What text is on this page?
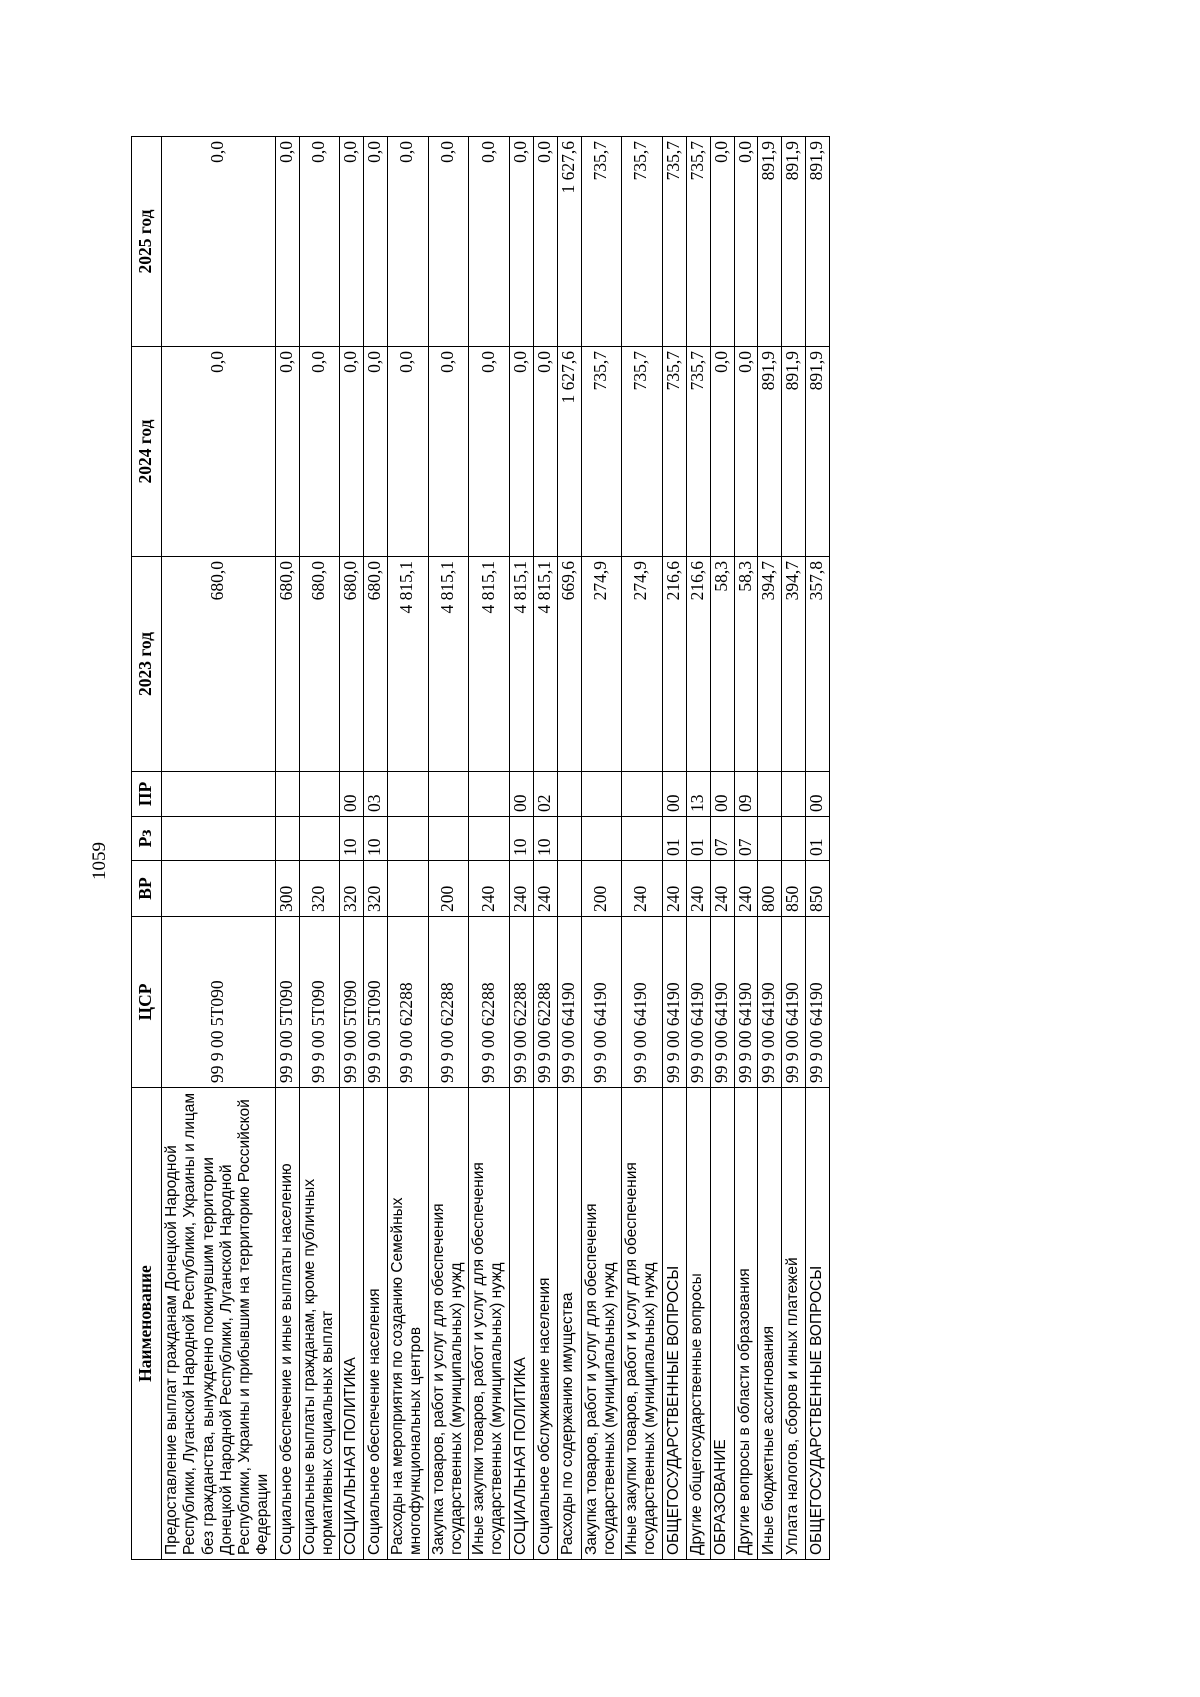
1059
Наименование	ЦСР	ВР	Рз	ПР	2023 год	2024 год	2025 год
Предоставление выплат гражданам Донецкой Народной Республики, Луганской Народной Республики, Украины и лицам без гражданства, вынужденно покинувшим территории Донецкой Народной Республики, Луганской Народной Республики, Украины и прибывшим на территорию Российской Федерации	99 9 00 5Т090				680,0	0,0	0,0
Социальное обеспечение и иные выплаты населению	99 9 00 5Т090	300			680,0	0,0	0,0
Социальные выплаты гражданам, кроме публичных нормативных социальных выплат	99 9 00 5Т090	320			680,0	0,0	0,0
СОЦИАЛЬНАЯ ПОЛИТИКА	99 9 00 5Т090	320	10	00	680,0	0,0	0,0
Социальное обеспечение населения	99 9 00 5Т090	320	10	03	680,0	0,0	0,0
Расходы на мероприятия по созданию Семейных многофункциональных центров	99 9 00 62288				4 815,1	0,0	0,0
Закупка товаров, работ и услуг для обеспечения государственных (муниципальных) нужд	99 9 00 62288	200			4 815,1	0,0	0,0
Иные закупки товаров, работ и услуг для обеспечения государственных (муниципальных) нужд	99 9 00 62288	240			4 815,1	0,0	0,0
СОЦИАЛЬНАЯ ПОЛИТИКА	99 9 00 62288	240	10	00	4 815,1	0,0	0,0
Социальное обслуживание населения	99 9 00 62288	240	10	02	4 815,1	0,0	0,0
Расходы по содержанию имущества	99 9 00 64190				669,6	1 627,6	1 627,6
Закупка товаров, работ и услуг для обеспечения государственных (муниципальных) нужд	99 9 00 64190	200			274,9	735,7	735,7
Иные закупки товаров, работ и услуг для обеспечения государственных (муниципальных) нужд	99 9 00 64190	240			274,9	735,7	735,7
ОБЩЕГОСУДАРСТВЕННЫЕ ВОПРОСЫ	99 9 00 64190	240	01	00	216,6	735,7	735,7
Другие общегосударственные вопросы	99 9 00 64190	240	01	13	216,6	735,7	735,7
ОБРАЗОВАНИЕ	99 9 00 64190	240	07	00	58,3	0,0	0,0
Другие вопросы в области образования	99 9 00 64190	240	07	09	58,3	0,0	0,0
Иные бюджетные ассигнования	99 9 00 64190	800			394,7	891,9	891,9
Уплата налогов, сборов и иных платежей	99 9 00 64190	850			394,7	891,9	891,9
ОБЩЕГОСУДАРСТВЕННЫЕ ВОПРОСЫ	99 9 00 64190	850	01	00	357,8	891,9	891,9
